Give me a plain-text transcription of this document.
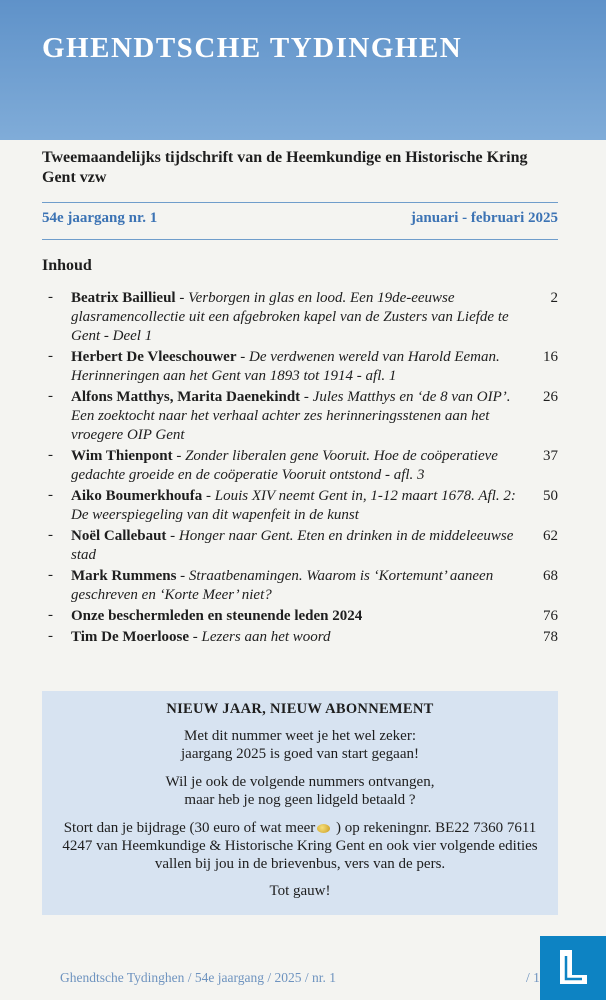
GHENDTSCHE TYDINGHEN
Tweemaandelijks tijdschrift van de Heemkundige en Historische Kring Gent vzw
54e jaargang nr. 1	januari - februari 2025
Inhoud
- Beatrix Baillieul - Verborgen in glas en lood. Een 19de-eeuwse glasramencollectie uit een afgebroken kapel van de Zusters van Liefde te Gent - Deel 1
2
- Herbert De Vleeschouwer - De verdwenen wereld van Harold Eeman. Herinneringen aan het Gent van 1893 tot 1914 - afl. 1
16
- Alfons Matthys, Marita Daenekindt - Jules Matthys en ‘de 8 van OIP’. Een zoektocht naar het verhaal achter zes herinneringsstenen aan het vroegere OIP Gent
26
- Wim Thienpont - Zonder liberalen gene Vooruit. Hoe de coöperatieve gedachte groeide en de coöperatie Vooruit ontstond - afl. 3
37
- Aiko Boumerkhoufa - Louis XIV neemt Gent in, 1-12 maart 1678. Afl. 2: De weerspiegeling van dit wapenfeit in de kunst
50
- Noël Callebaut - Honger naar Gent. Eten en drinken in de middeleeuwse stad
62
- Mark Rummens - Straatbenamingen. Waarom is ‘Kortemunt’ aaneen geschreven en ‘Korte Meer’ niet?
68
- Onze beschermleden en steunende leden 2024	76
- Tim De Moerloose - Lezers aan het woord	78
NIEUW JAAR, NIEUW ABONNEMENT
Met dit nummer weet je het wel zeker:
jaargang 2025 is goed van start gegaan!
Wil je ook de volgende nummers ontvangen,
maar heb je nog geen lidgeld betaald ?
Stort dan je bijdrage (30 euro of wat meer ) op rekeningnr. BE22 7360 7611 4247 van Heemkundige & Historische Kring Gent en ook vier volgende edities vallen bij jou in de brievenbus, vers van de pers.
Tot gauw!
Ghendtsche Tydinghen / 54e jaargang / 2025 / nr. 1	/ 1
